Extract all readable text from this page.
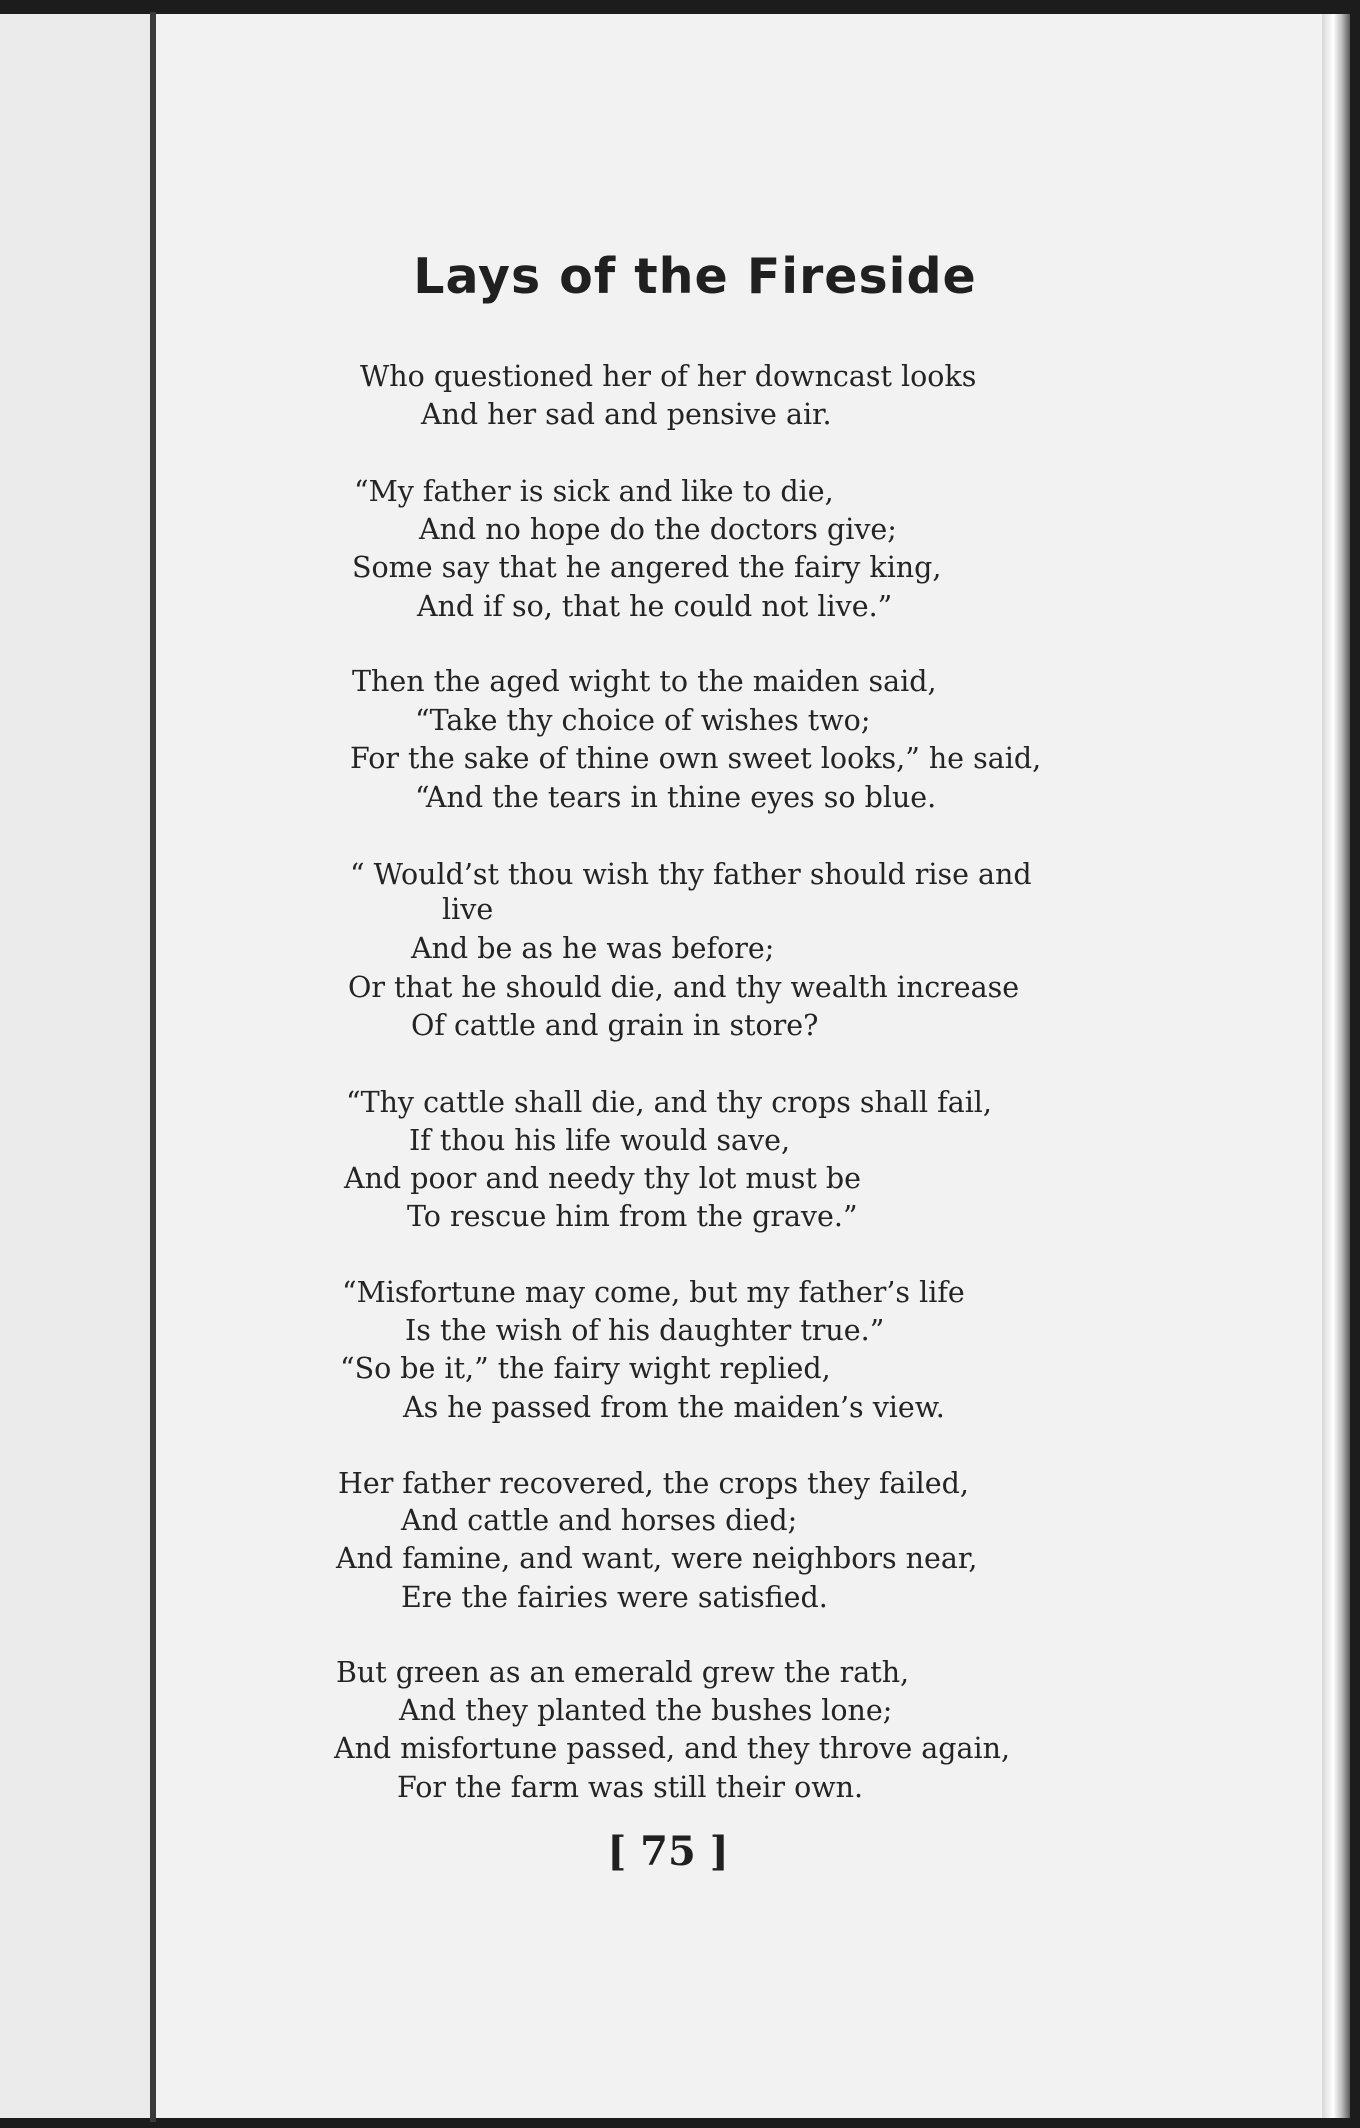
Lays of the Fireside
Who questioned her of her downcast looks
And her sad and pensive air.
“My father is sick and like to die,
And no hope do the doctors give;
Some say that he angered the fairy king,
And if so, that he could not live.”
Then the aged wight to the maiden said,
“Take thy choice of wishes two;
For the sake of thine own sweet looks,” he said,
“And the tears in thine eyes so blue.
“ Would’st thou wish thy father should rise and
live
And be as he was before;
Or that he should die, and thy wealth increase
Of cattle and grain in store?
“Thy cattle shall die, and thy crops shall fail,
If thou his life would save,
And poor and needy thy lot must be
To rescue him from the grave.”
“Misfortune may come, but my father’s life
Is the wish of his daughter true.”
“So be it,” the fairy wight replied,
As he passed from the maiden’s view.
Her father recovered, the crops they failed,
And cattle and horses died;
And famine, and want, were neighbors near,
Ere the fairies were satisfied.
But green as an emerald grew the rath,
And they planted the bushes lone;
And misfortune passed, and they throve again,
For the farm was still their own.
[ 75 ]
